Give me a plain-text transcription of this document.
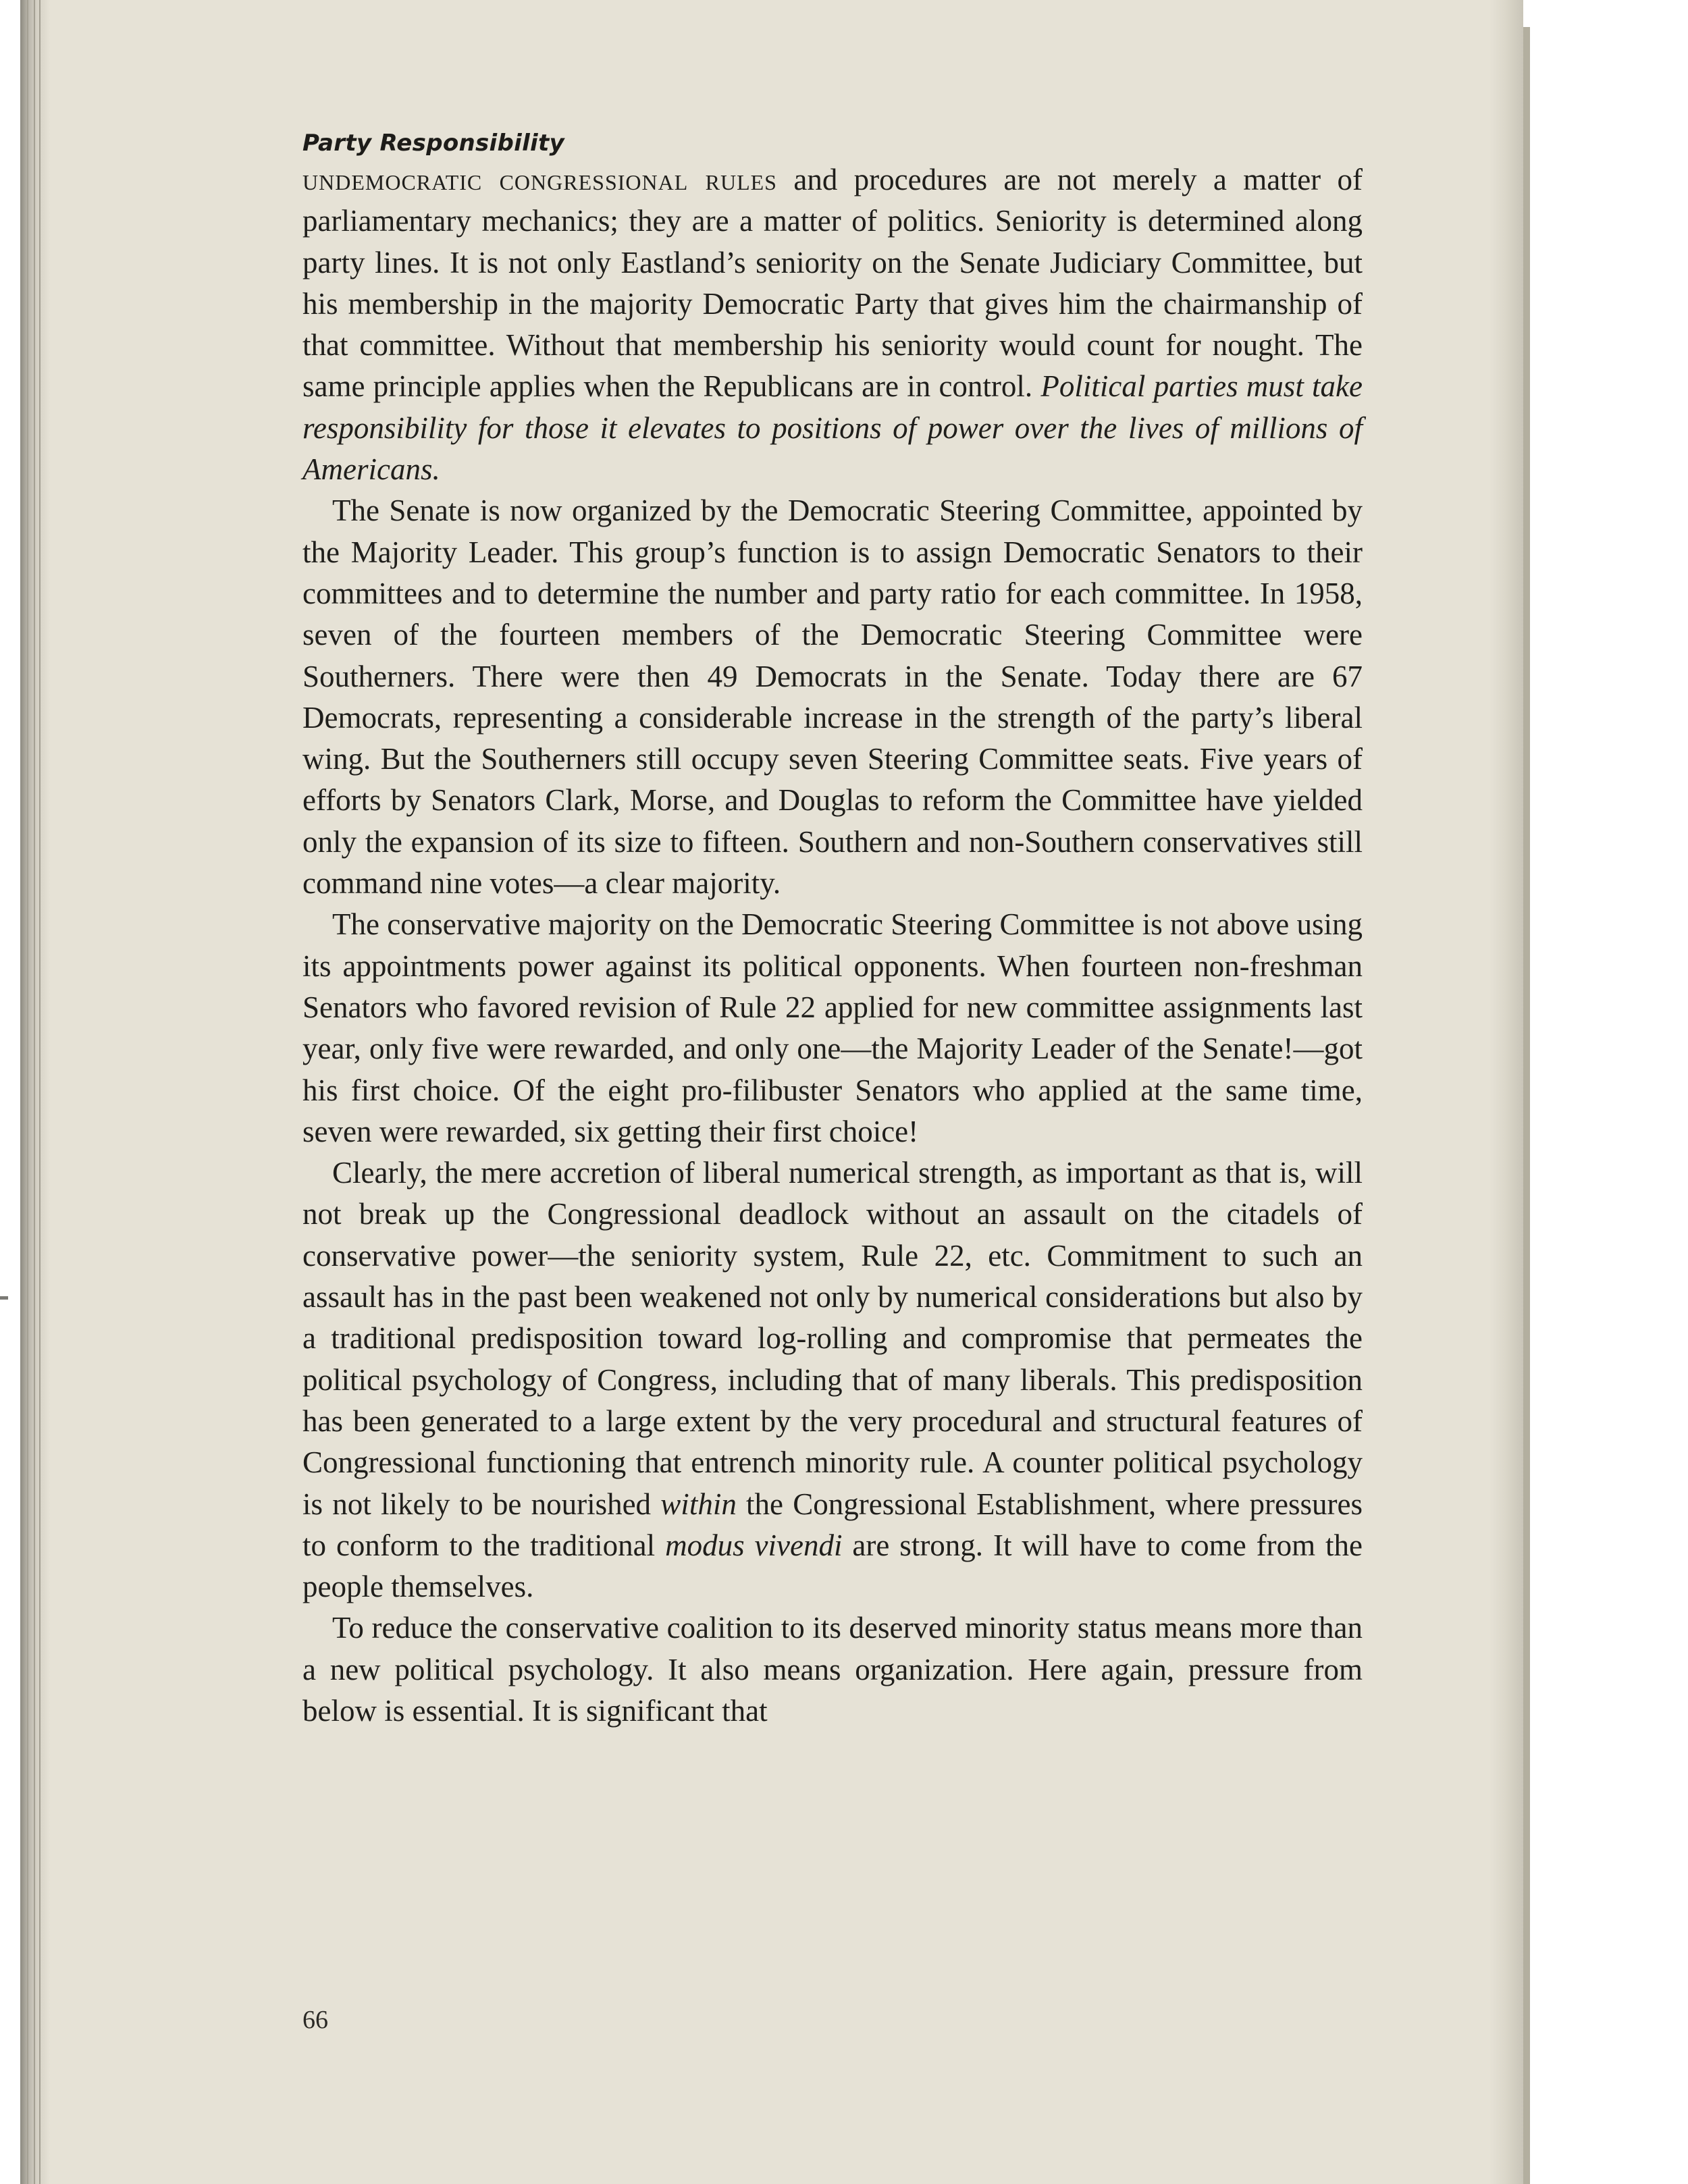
Party Responsibility

undemocratic congressional rules and procedures are not merely a matter of parliamentary mechanics; they are a matter of politics. Seniority is determined along party lines. It is not only Eastland’s seniority on the Senate Judiciary Committee, but his membership in the majority Democratic Party that gives him the chairmanship of that committee. Without that membership his seniority would count for nought. The same principle applies when the Republicans are in control. Political parties must take responsibility for those it elevates to positions of power over the lives of millions of Americans.

The Senate is now organized by the Democratic Steering Committee, appointed by the Majority Leader. This group’s function is to assign Democratic Senators to their committees and to determine the number and party ratio for each committee. In 1958, seven of the fourteen members of the Democratic Steering Committee were Southerners. There were then 49 Democrats in the Senate. Today there are 67 Democrats, representing a considerable increase in the strength of the party’s liberal wing. But the Southerners still occupy seven Steering Committee seats. Five years of efforts by Senators Clark, Morse, and Douglas to reform the Committee have yielded only the expansion of its size to fifteen. Southern and non-Southern conservatives still command nine votes—a clear majority.

The conservative majority on the Democratic Steering Committee is not above using its appointments power against its political opponents. When fourteen non-freshman Senators who favored revision of Rule 22 applied for new committee assignments last year, only five were rewarded, and only one—the Majority Leader of the Senate!—got his first choice. Of the eight pro-filibuster Senators who applied at the same time, seven were rewarded, six getting their first choice!

Clearly, the mere accretion of liberal numerical strength, as important as that is, will not break up the Congressional deadlock without an assault on the citadels of conservative power—the seniority system, Rule 22, etc. Commitment to such an assault has in the past been weakened not only by numerical considerations but also by a traditional predisposition toward log-rolling and compromise that permeates the political psychology of Congress, including that of many liberals. This predisposition has been generated to a large extent by the very procedural and structural features of Congressional functioning that entrench minority rule. A counter political psychology is not likely to be nourished within the Congressional Establishment, where pressures to conform to the traditional modus vivendi are strong. It will have to come from the people themselves.

To reduce the conservative coalition to its deserved minority status means more than a new political psychology. It also means organization. Here again, pressure from below is essential. It is significant that

66
